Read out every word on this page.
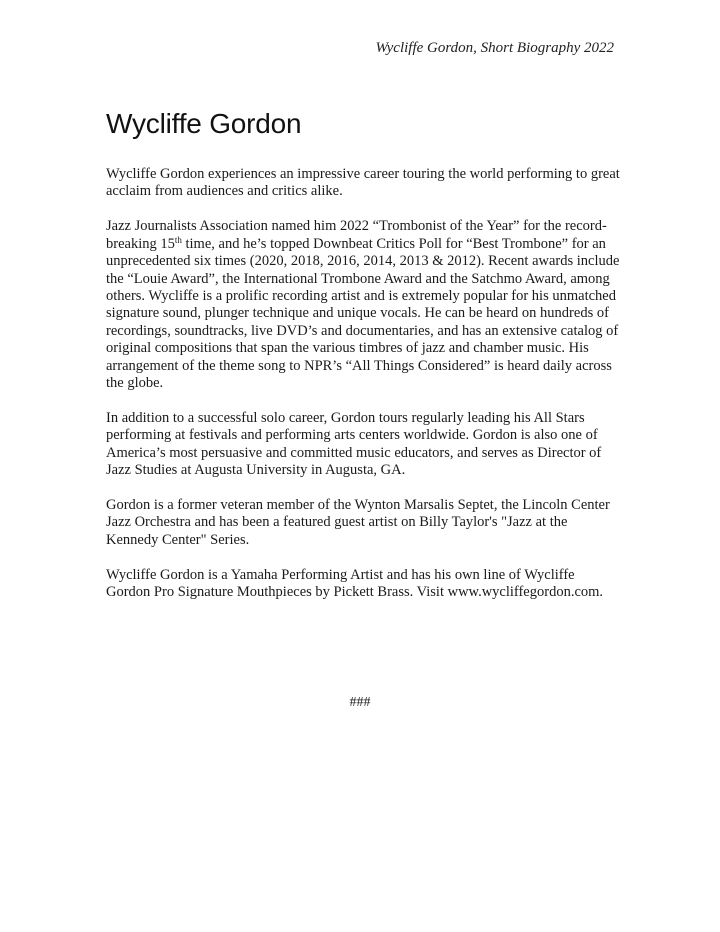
Wycliffe Gordon, Short Biography 2022
Wycliffe Gordon

Wycliffe Gordon experiences an impressive career touring the world performing to great acclaim from audiences and critics alike.

Jazz Journalists Association named him 2022 “Trombonist of the Year” for the record-breaking 15th time, and he’s topped Downbeat Critics Poll for “Best Trombone” for an unprecedented six times (2020, 2018, 2016, 2014, 2013 & 2012). Recent awards include the “Louie Award”, the International Trombone Award and the Satchmo Award, among others. Wycliffe is a prolific recording artist and is extremely popular for his unmatched signature sound, plunger technique and unique vocals. He can be heard on hundreds of recordings, soundtracks, live DVD’s and documentaries, and has an extensive catalog of original compositions that span the various timbres of jazz and chamber music. His arrangement of the theme song to NPR’s “All Things Considered” is heard daily across the globe.

In addition to a successful solo career, Gordon tours regularly leading his All Stars performing at festivals and performing arts centers worldwide. Gordon is also one of America’s most persuasive and committed music educators, and serves as Director of Jazz Studies at Augusta University in Augusta, GA.

Gordon is a former veteran member of the Wynton Marsalis Septet, the Lincoln Center Jazz Orchestra and has been a featured guest artist on Billy Taylor's "Jazz at the Kennedy Center" Series.

Wycliffe Gordon is a Yamaha Performing Artist and has his own line of Wycliffe Gordon Pro Signature Mouthpieces by Pickett Brass. Visit www.wycliffegordon.com.

###
